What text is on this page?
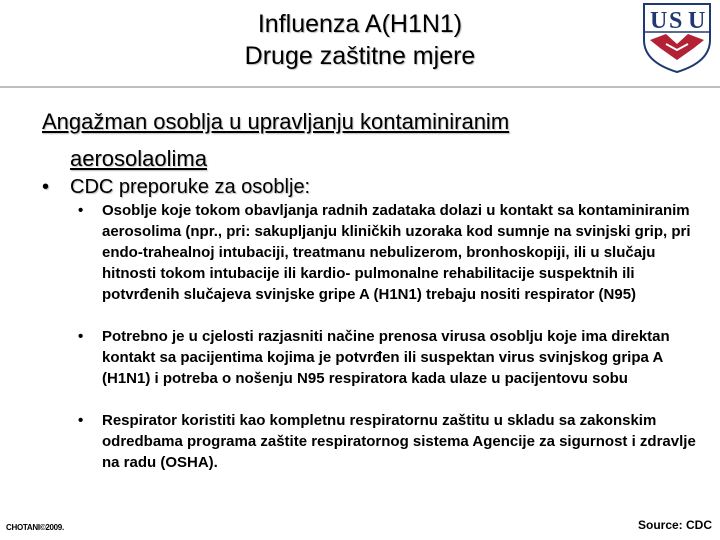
Influenza A(H1N1)
Druge zaštitne mjere
U S U
Angažman osoblja u upravljanju kontaminiranim
aerosolaolima
• CDC preporuke za osoblje:
• Osoblje koje tokom obavljanja radnih zadataka dolazi u kontakt sa kontaminiranim aerosolima (npr., pri: sakupljanju kliničkih uzoraka kod sumnje na svinjski grip, pri endo-trahealnoj intubaciji, treatmanu nebulizerom, bronhoskopiji, ili u slučaju hitnosti tokom intubacije ili kardio- pulmonalne rehabilitacije suspektnih ili potvrđenih slučajeva svinjske gripe A (H1N1) trebaju nositi respirator (N95)
• Potrebno je u cjelosti razjasniti načine prenosa virusa osoblju koje ima direktan kontakt sa pacijentima kojima je potvrđen ili suspektan virus svinjskog gripa A (H1N1) i potreba o nošenju N95 respiratora kada ulaze u pacijentovu sobu
• Respirator koristiti kao kompletnu respiratornu zaštitu u skladu sa zakonskim odredbama programa zaštite respiratornog sistema Agencije za sigurnost i zdravlje na radu (OSHA).
CHOTANI©2009.	Source: CDC
